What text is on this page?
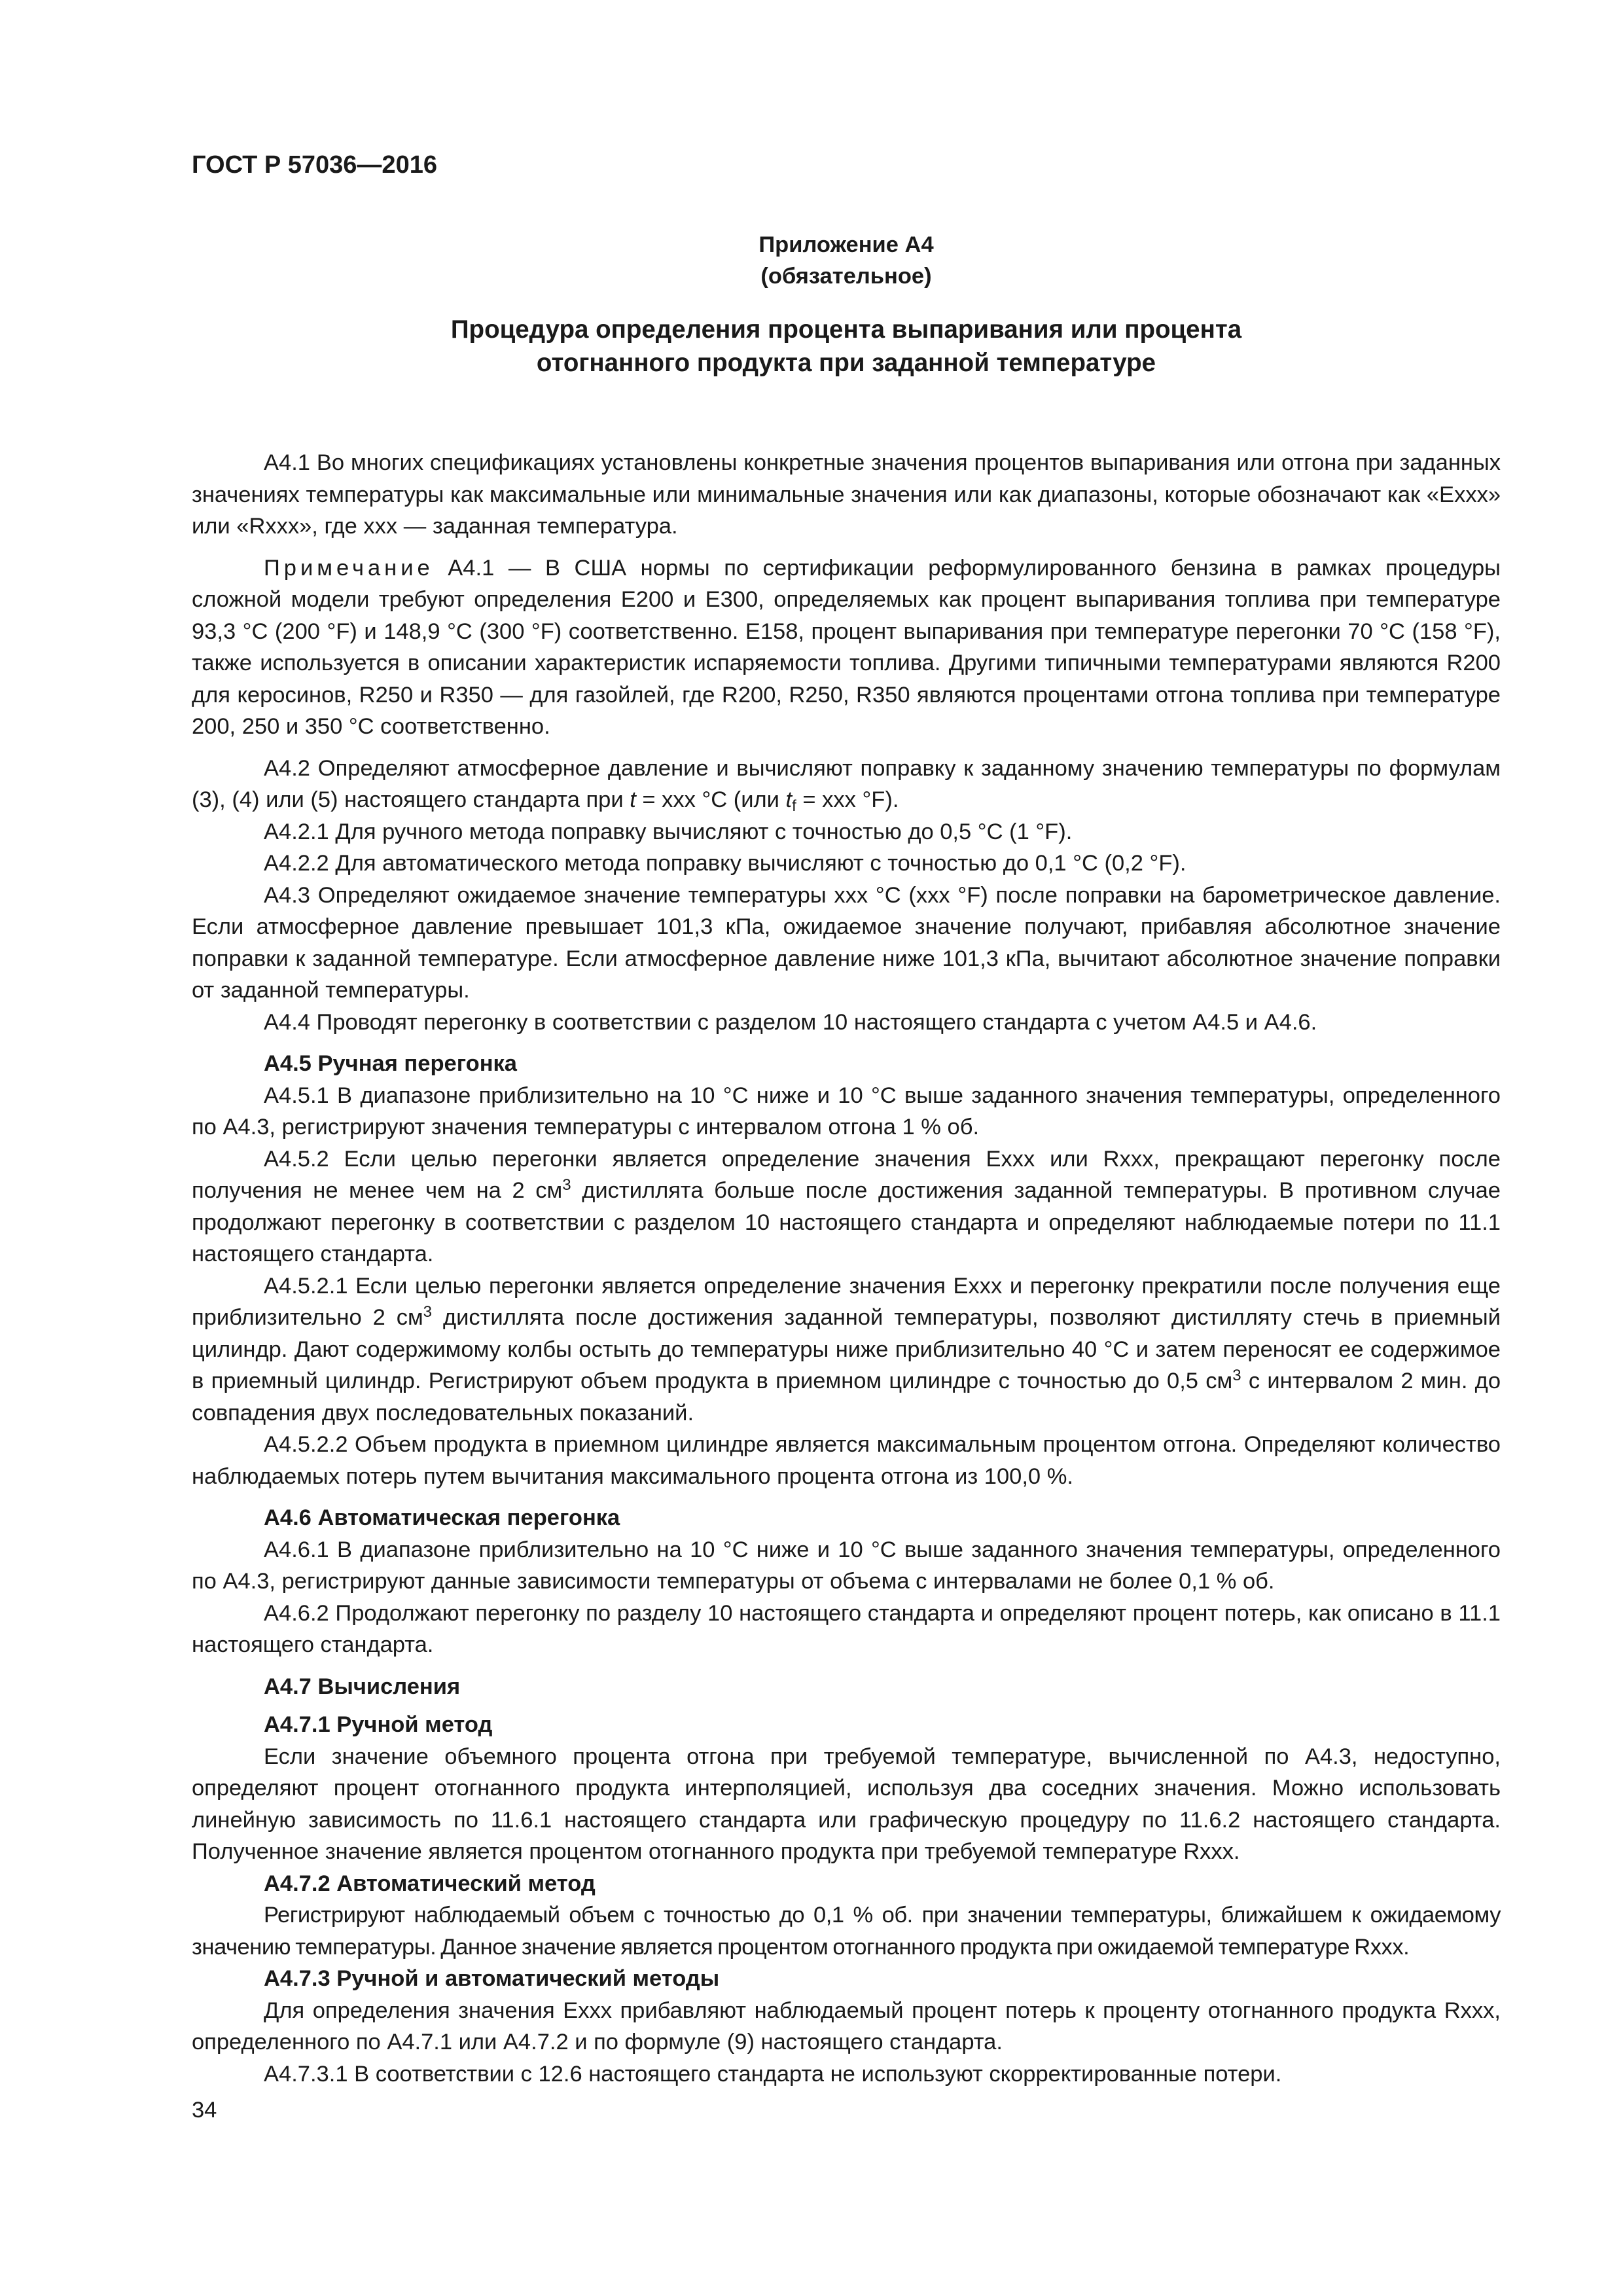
ГОСТ Р 57036—2016
Приложение А4
(обязательное)
Процедура определения процента выпаривания или процента
отогнанного продукта при заданной температуре

А4.1 Во многих спецификациях установлены конкретные значения процентов выпаривания или отгона при заданных значениях температуры как максимальные или минимальные значения или как диапазоны, которые обозначают как «Exxx» или «Rxxx», где ххх — заданная температура.

Примечание А4.1 — В США нормы по сертификации реформулированного бензина в рамках процедуры сложной модели требуют определения Е200 и Е300, определяемых как процент выпаривания топлива при температуре 93,3 °С (200 °F) и 148,9 °С (300 °F) соответственно. Е158, процент выпаривания при температуре перегонки 70 °С (158 °F), также используется в описании характеристик испаряемости топлива. Другими типичными температурами являются R200 для керосинов, R250 и R350 — для газойлей, где R200, R250, R350 являются процентами отгона топлива при температуре 200, 250 и 350 °С соответственно.

А4.2 Определяют атмосферное давление и вычисляют поправку к заданному значению температуры по формулам (3), (4) или (5) настоящего стандарта при t = ххх °С (или $t_f$ = ххх °F).

А4.2.1 Для ручного метода поправку вычисляют с точностью до 0,5 °С (1 °F).

А4.2.2 Для автоматического метода поправку вычисляют с точностью до 0,1 °С (0,2 °F).

А4.3 Определяют ожидаемое значение температуры ххх °С (ххх °F) после поправки на барометрическое давление. Если атмосферное давление превышает 101,3 кПа, ожидаемое значение получают, прибавляя абсолютное значение поправки к заданной температуре. Если атмосферное давление ниже 101,3 кПа, вычитают абсолютное значение поправки от заданной температуры.

А4.4 Проводят перегонку в соответствии с разделом 10 настоящего стандарта с учетом А4.5 и А4.6.

А4.5 Ручная перегонка

А4.5.1 В диапазоне приблизительно на 10 °С ниже и 10 °С выше заданного значения температуры, определенного по А4.3, регистрируют значения температуры с интервалом отгона 1 % об.

А4.5.2 Если целью перегонки является определение значения Exxx или Rxxx, прекращают перегонку после получения не менее чем на 2 $см^3$ дистиллята больше после достижения заданной температуры. В противном случае продолжают перегонку в соответствии с разделом 10 настоящего стандарта и определяют наблюдаемые потери по 11.1 настоящего стандарта.

А4.5.2.1 Если целью перегонки является определение значения Exxx и перегонку прекратили после получения еще приблизительно 2 $см^3$ дистиллята после достижения заданной температуры, позволяют дистилляту стечь в приемный цилиндр. Дают содержимому колбы остыть до температуры ниже приблизительно 40 °С и затем переносят ее содержимое в приемный цилиндр. Регистрируют объем продукта в приемном цилиндре с точностью до 0,5 $см^3$ с интервалом 2 мин. до совпадения двух последовательных показаний.

А4.5.2.2 Объем продукта в приемном цилиндре является максимальным процентом отгона. Определяют количество наблюдаемых потерь путем вычитания максимального процента отгона из 100,0 %.

А4.6 Автоматическая перегонка

А4.6.1 В диапазоне приблизительно на 10 °С ниже и 10 °С выше заданного значения температуры, определенного по А4.3, регистрируют данные зависимости температуры от объема с интервалами не более 0,1 % об.

А4.6.2 Продолжают перегонку по разделу 10 настоящего стандарта и определяют процент потерь, как описано в 11.1 настоящего стандарта.

А4.7 Вычисления

А4.7.1 Ручной метод

Если значение объемного процента отгона при требуемой температуре, вычисленной по А4.3, недоступно, определяют процент отогнанного продукта интерполяцией, используя два соседних значения. Можно использовать линейную зависимость по 11.6.1 настоящего стандарта или графическую процедуру по 11.6.2 настоящего стандарта. Полученное значение является процентом отогнанного продукта при требуемой температуре Rxxx.

А4.7.2 Автоматический метод

Регистрируют наблюдаемый объем с точностью до 0,1 % об. при значении температуры, ближайшем к ожидаемому значению температуры. Данное значение является процентом отогнанного продукта при ожидаемой температуре Rxxx.

А4.7.3 Ручной и автоматический методы

Для определения значения Exxx прибавляют наблюдаемый процент потерь к проценту отогнанного продукта Rxxx, определенного по А4.7.1 или А4.7.2 и по формуле (9) настоящего стандарта.

А4.7.3.1 В соответствии с 12.6 настоящего стандарта не используют скорректированные потери.

34
